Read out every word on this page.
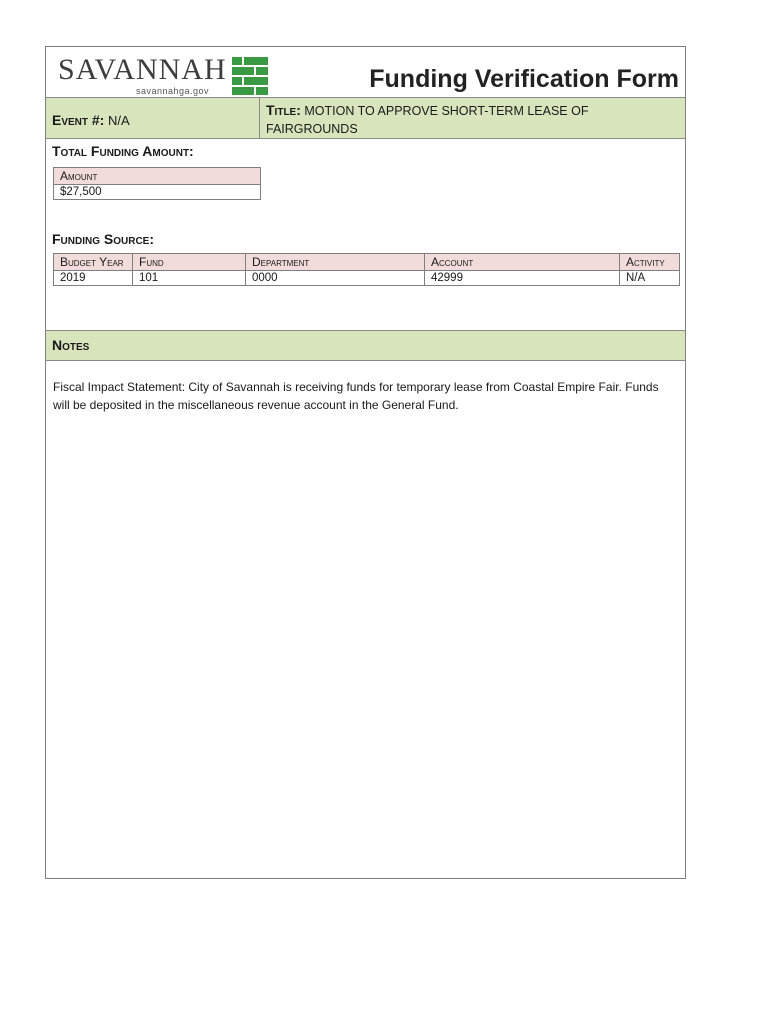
SAVANNAH
savannahga.gov	Funding Verification Form
Event #: N/A
Title: MOTION TO APPROVE SHORT-TERM LEASE OF FAIRGROUNDS
Total Funding Amount:
Amount
$27,500
Funding Source:
Budget Year	Fund	Department	Account	Activity
2019	101	0000	42999	N/A
Notes
Fiscal Impact Statement: City of Savannah is receiving funds for temporary lease from Coastal Empire Fair. Funds will be deposited in the miscellaneous revenue account in the General Fund.
